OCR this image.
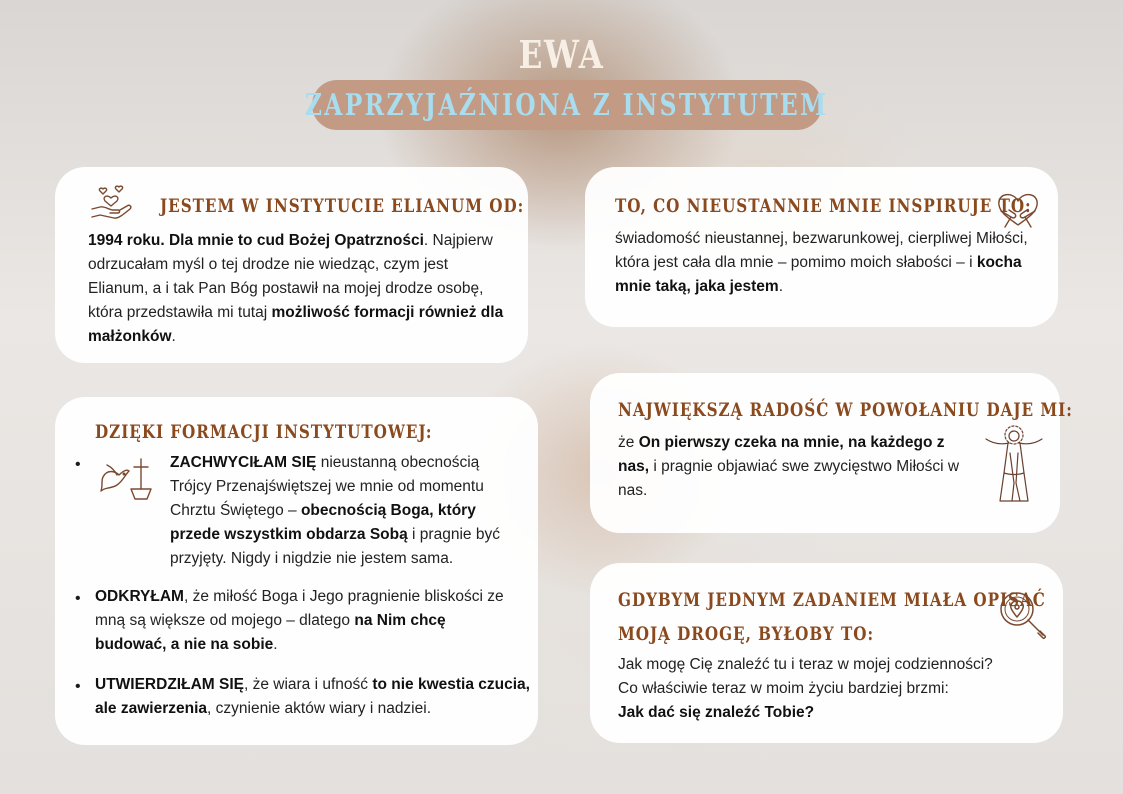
EWA
ZAPRZYJAŹNIONA Z INSTYTUTEM
JESTEM W INSTYTUCIE ELIANUM OD:
1994 roku. Dla mnie to cud Bożej Opatrzności. Najpierw odrzucałam myśl o tej drodze nie wiedząc, czym jest Elianum, a i tak Pan Bóg postawił na mojej drodze osobę, która przedstawiła mi tutaj możliwość formacji również dla małżonków.
TO, CO NIEUSTANNIE MNIE INSPIRUJE TO:
świadomość nieustannej, bezwarunkowej, cierpliwej Miłości, która jest cała dla mnie – pomimo moich słabości – i kocha mnie taką, jaka jestem.
DZIĘKI FORMACJI INSTYTUTOWEJ:
•	ZACHWYCIŁAM SIĘ nieustanną obecnością Trójcy Przenajświętszej we mnie od momentu Chrztu Świętego – obecnością Boga, który przede wszystkim obdarza Sobą i pragnie być przyjęty. Nigdy i nigdzie nie jestem sama.
• ODKRYŁAM, że miłość Boga i Jego pragnienie bliskości ze mną są większe od mojego – dlatego na Nim chcę budować, a nie na sobie.
• UTWIERDZIŁAM SIĘ, że wiara i ufność to nie kwestia czucia, ale zawierzenia, czynienie aktów wiary i nadziei.
NAJWIĘKSZĄ RADOŚĆ W POWOŁANIU DAJE MI:
że On pierwszy czeka na mnie, na każdego z nas, i pragnie objawiać swe zwycięstwo Miłości w nas.
GDYBYM JEDNYM ZADANIEM MIAŁA OPISAĆ
MOJĄ DROGĘ, BYŁOBY TO:
Jak mogę Cię znaleźć tu i teraz w mojej codzienności?
Co właściwie teraz w moim życiu bardziej brzmi:
Jak dać się znaleźć Tobie?
